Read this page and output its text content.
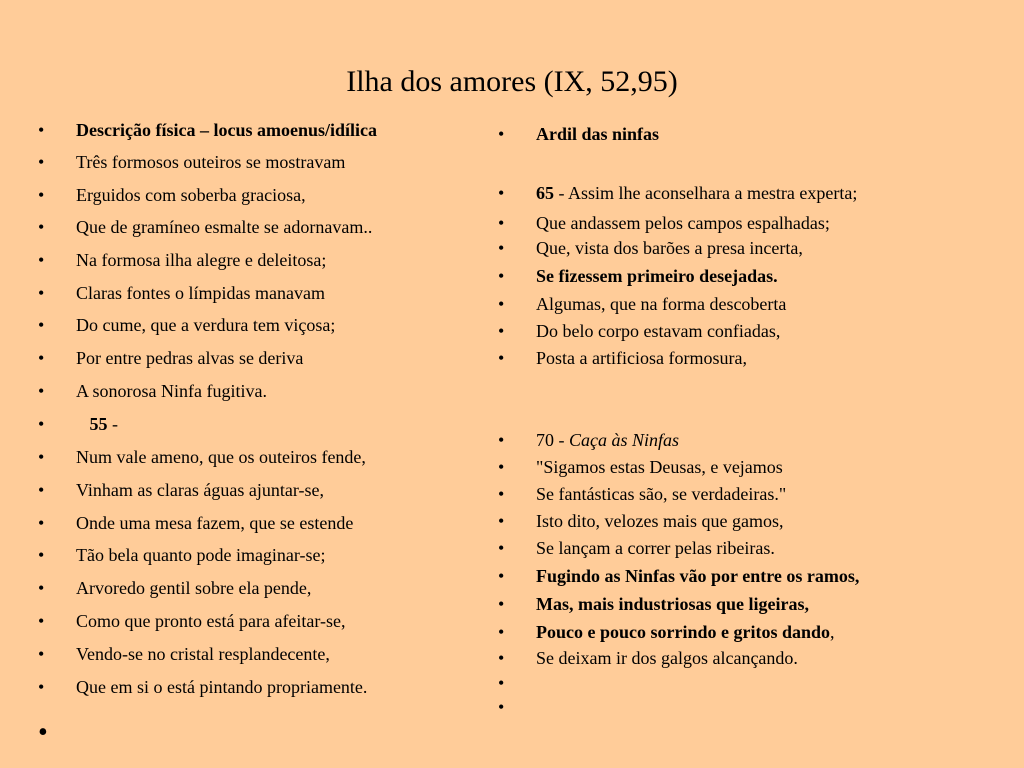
Ilha dos amores (IX, 52,95)
•	Descrição física – locus amoenus/idílica
•	Três formosos outeiros se mostravam
•	Erguidos com soberba graciosa,
•	Que de gramíneo esmalte se adornavam..
•	Na formosa ilha alegre e deleitosa;
•	Claras fontes o límpidas manavam
•	Do cume, que a verdura tem viçosa;
•	Por entre pedras alvas se deriva
•	A sonorosa Ninfa fugitiva.
•	55 -
•	Num vale ameno, que os outeiros fende,
•	Vinham as claras águas ajuntar-se,
•	Onde uma mesa fazem, que se estende
•	Tão bela quanto pode imaginar-se;
•	Arvoredo gentil sobre ela pende,
•	Como que pronto está para afeitar-se,
•	Vendo-se no cristal resplandecente,
•	Que em si o está pintando propriamente.
•	Ardil das ninfas
•	65 - Assim lhe aconselhara a mestra experta;
•	Que andassem pelos campos espalhadas;
•	Que, vista dos barões a presa incerta,
•	Se fizessem primeiro desejadas.
•	Algumas, que na forma descoberta
•	Do belo corpo estavam confiadas,
•	Posta a artificiosa formosura,
•	70 - Caça às Ninfas
•	"Sigamos estas Deusas, e vejamos
•	Se fantásticas são, se verdadeiras."
•	Isto dito, velozes mais que gamos,
•	Se lançam a correr pelas ribeiras.
•	Fugindo as Ninfas vão por entre os ramos,
•	Mas, mais industriosas que ligeiras,
•	Pouco e pouco sorrindo e gritos dando,
•	Se deixam ir dos galgos alcançando.
•
•
•
